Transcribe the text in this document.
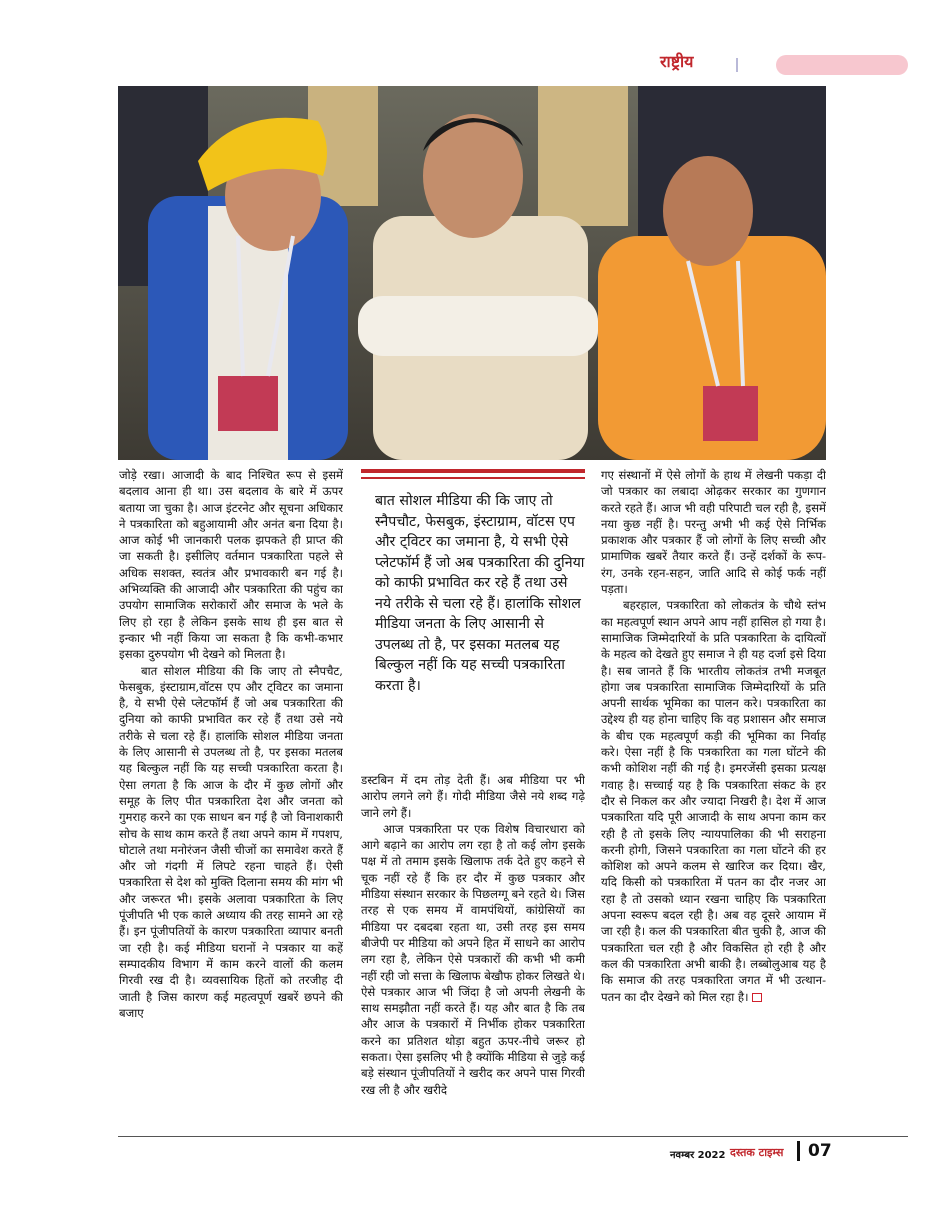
राष्ट्रीय

जोड़े रखा। आजादी के बाद निश्चित रूप से इसमें बदलाव आना ही था। उस बदलाव के बारे में ऊपर बताया जा चुका है। आज इंटरनेट और सूचना अधिकार ने पत्रकारिता को बहुआयामी और अनंत बना दिया है। आज कोई भी जानकारी पलक झपकते ही प्राप्त की जा सकती है। इसीलिए वर्तमान पत्रकारिता पहले से अधिक सशक्त, स्वतंत्र और प्रभावकारी बन गई है। अभिव्यक्ति की आजादी और पत्रकारिता की पहुंच का उपयोग सामाजिक सरोकारों और समाज के भले के लिए हो रहा है लेकिन इसके साथ ही इस बात से इन्कार भी नहीं किया जा सकता है कि कभी-कभार इसका दुरुपयोग भी देखने को मिलता है।

बात सोशल मीडिया की कि जाए तो स्नैपचैट, फेसबुक, इंस्टाग्राम,वॉटस एप और ट्विटर का जमाना है, ये सभी ऐसे प्लेटफॉर्म हैं जो अब पत्रकारिता की दुनिया को काफी प्रभावित कर रहे हैं तथा उसे नये तरीके से चला रहे हैं। हालांकि सोशल मीडिया जनता के लिए आसानी से उपलब्ध तो है, पर इसका मतलब यह बिल्कुल नहीं कि यह सच्ची पत्रकारिता करता है। ऐसा लगता है कि आज के दौर में कुछ लोगों और समूह के लिए पीत पत्रकारिता देश और जनता को गुमराह करने का एक साधन बन गई है जो विनाशकारी सोच के साथ काम करते हैं तथा अपने काम में गपशप, घोटाले तथा मनोरंजन जैसी चीजों का समावेश करते हैं और जो गंदगी में लिपटे रहना चाहते हैं। ऐसी पत्रकारिता से देश को मुक्ति दिलाना समय की मांग भी और जरूरत भी। इसके अलावा पत्रकारिता के लिए पूंजीपति भी एक काले अध्याय की तरह सामने आ रहे हैं। इन पूंजीपतियों के कारण पत्रकारिता व्यापार बनती जा रही है। कई मीडिया घरानों ने पत्रकार या कहें सम्पादकीय विभाग में काम करने वालों की कलम गिरवी रख दी है। व्यवसायिक हितों को तरजीह दी जाती है जिस कारण कई महत्वपूर्ण खबरें छपने की बजाए

बात सोशल मीडिया की कि जाए तो स्नैपचौट, फेसबुक, इंस्टाग्राम, वॉटस एप और ट्विटर का जमाना है, ये सभी ऐसे प्लेटफॉर्म हैं जो अब पत्रकारिता की दुनिया को काफी प्रभावित कर रहे हैं तथा उसे नये तरीके से चला रहे हैं। हालांकि सोशल मीडिया जनता के लिए आसानी से उपलब्ध तो है, पर इसका मतलब यह बिल्कुल नहीं कि यह सच्ची पत्रकारिता करता है।

डस्टबिन में दम तोड़ देती हैं। अब मीडिया पर भी आरोप लगने लगे हैं। गोदी मीडिया जैसे नये शब्द गढ़े जाने लगे हैं।

आज पत्रकारिता पर एक विशेष विचारधारा को आगे बढ़ाने का आरोप लग रहा है तो कई लोग इसके पक्ष में तो तमाम इसके खिलाफ तर्क देते हुए कहने से चूक नहीं रहे हैं कि हर दौर में कुछ पत्रकार और मीडिया संस्थान सरकार के पिछलग्गू बने रहते थे। जिस तरह से एक समय में वामपंथियों, कांग्रेसियों का मीडिया पर दबदबा रहता था, उसी तरह इस समय बीजेपी पर मीडिया को अपने हित में साधने का आरोप लग रहा है, लेकिन ऐसे पत्रकारों की कभी भी कमी नहीं रही जो सत्ता के खिलाफ बेखौफ होकर लिखते थे। ऐसे पत्रकार आज भी जिंदा है जो अपनी लेखनी के साथ समझौता नहीं करते हैं। यह और बात है कि तब और आज के पत्रकारों में निर्भीक होकर पत्रकारिता करने का प्रतिशत थोड़ा बहुत ऊपर-नीचे जरूर हो सकता। ऐसा इसलिए भी है क्योंकि मीडिया से जुड़े कई बड़े संस्थान पूंजीपतियों ने खरीद कर अपने पास गिरवी रख ली है और खरीदे

गए संस्थानों में ऐसे लोगों के हाथ में लेखनी पकड़ा दी जो पत्रकार का लबादा ओढ़कर सरकार का गुणगान करते रहते हैं। आज भी वही परिपाटी चल रही है, इसमें नया कुछ नहीं है। परन्तु अभी भी कई ऐसे निर्भिक प्रकाशक और पत्रकार हैं जो लोगों के लिए सच्ची और प्रामाणिक खबरें तैयार करते हैं। उन्हें दर्शकों के रूप-रंग, उनके रहन-सहन, जाति आदि से कोई फर्क नहीं पड़ता।

बहरहाल, पत्रकारिता को लोकतंत्र के चौथे स्तंभ का महत्वपूर्ण स्थान अपने आप नहीं हासिल हो गया है। सामाजिक जिम्मेदारियों के प्रति पत्रकारिता के दायित्वों के महत्व को देखते हुए समाज ने ही यह दर्जा इसे दिया है। सब जानते हैं कि भारतीय लोकतंत्र तभी मजबूत होगा जब पत्रकारिता सामाजिक जिम्मेदारियों के प्रति अपनी सार्थक भूमिका का पालन करे। पत्रकारिता का उद्देश्य ही यह होना चाहिए कि वह प्रशासन और समाज के बीच एक महत्वपूर्ण कड़ी की भूमिका का निर्वाह करे। ऐसा नहीं है कि पत्रकारिता का गला घोंटने की कभी कोशिश नहीं की गई है। इमरजेंसी इसका प्रत्यक्ष गवाह है। सच्चाई यह है कि पत्रकारिता संकट के हर दौर से निकल कर और ज्यादा निखरी है। देश में आज पत्रकारिता यदि पूरी आजादी के साथ अपना काम कर रही है तो इसके लिए न्यायपालिका की भी सराहना करनी होगी, जिसने पत्रकारिता का गला घोंटने की हर कोशिश को अपने कलम से खारिज कर दिया। खैर, यदि किसी को पत्रकारिता में पतन का दौर नजर आ रहा है तो उसको ध्यान रखना चाहिए कि पत्रकारिता अपना स्वरूप बदल रही है। अब वह दूसरे आयाम में जा रही है। कल की पत्रकारिता बीत चुकी है, आज की पत्रकारिता चल रही है और विकसित हो रही है और कल की पत्रकारिता अभी बाकी है। लब्बोलुआब यह है कि समाज की तरह पत्रकारिता जगत में भी उत्थान-पतन का दौर देखने को मिल रहा है।

नवम्बर 2022 दस्तक टाइम्स 07
